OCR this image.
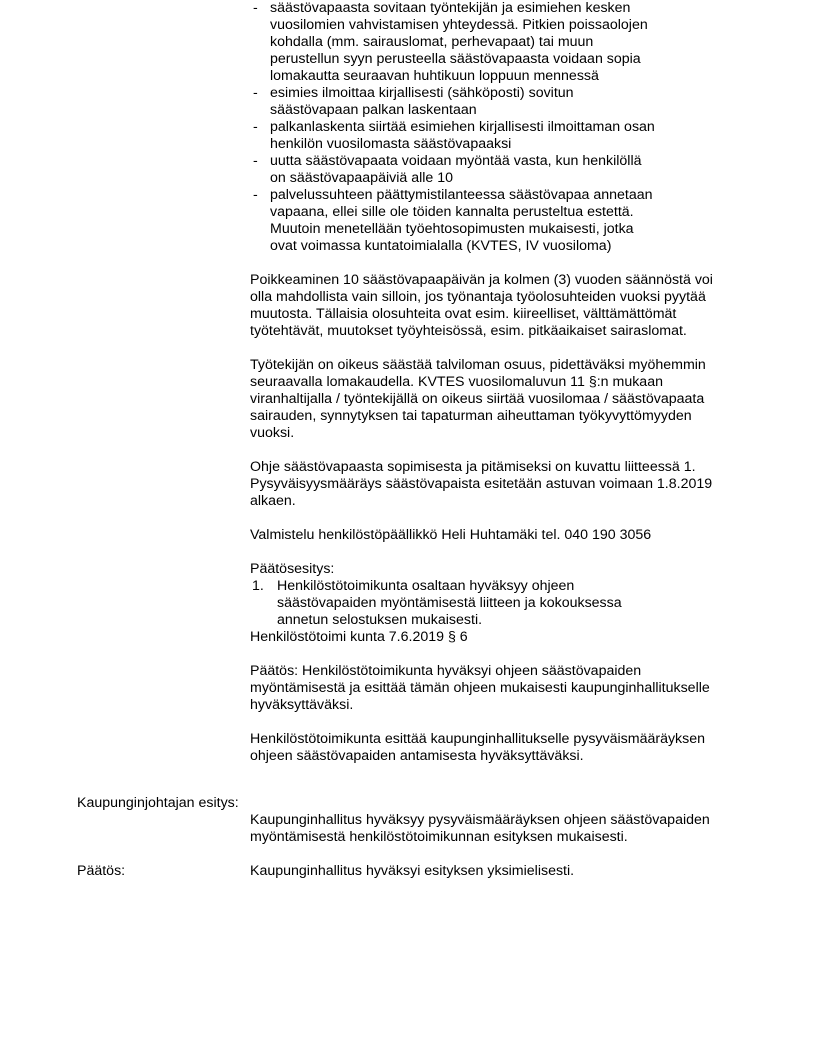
- säästövapaasta sovitaan työntekijän ja esimiehen kesken
vuosilomien vahvistamisen yhteydessä. Pitkien poissaolojen
kohdalla (mm. sairauslomat, perhevapaat) tai muun
perustellun syyn perusteella säästövapaasta voidaan sopia
lomakautta seuraavan huhtikuun loppuun mennessä
- esimies ilmoittaa kirjallisesti (sähköposti) sovitun
säästövapaan palkan laskentaan
- palkanlaskenta siirtää esimiehen kirjallisesti ilmoittaman osan
henkilön vuosilomasta säästövapaaksi
- uutta säästövapaata voidaan myöntää vasta, kun henkilöllä
on säästövapaapäiviä alle 10
- palvelussuhteen päättymistilanteessa säästövapaa annetaan
vapaana, ellei sille ole töiden kannalta perusteltua estettä.
Muutoin menetellään työehtosopimusten mukaisesti, jotka
ovat voimassa kuntatoimialalla (KVTES, IV vuosiloma)

Poikkeaminen 10 säästövapaapäivän ja kolmen (3) vuoden säännöstä voi
olla mahdollista vain silloin, jos työnantaja työolosuhteiden vuoksi pyytää
muutosta. Tällaisia olosuhteita ovat esim. kiireelliset, välttämättömät
työtehtävät, muutokset työyhteisössä, esim. pitkäaikaiset sairaslomat.

Työtekijän on oikeus säästää talviloman osuus, pidettäväksi myöhemmin
seuraavalla lomakaudella. KVTES vuosilomaluvun 11 §:n mukaan
viranhaltijalla / työntekijällä on oikeus siirtää vuosilomaa / säästövapaata
sairauden, synnytyksen tai tapaturman aiheuttaman työkyvyttömyyden
vuoksi.

Ohje säästövapaasta sopimisesta ja pitämiseksi on kuvattu liitteessä 1.
Pysyväisyysmääräys säästövapaista esitetään astuvan voimaan 1.8.2019
alkaen.

Valmistelu henkilöstöpäällikkö Heli Huhtamäki tel. 040 190 3056

Päätösesitys:

1. Henkilöstötoimikunta osaltaan hyväksyy ohjeen
säästövapaiden myöntämisestä liitteen ja kokouksessa
annetun selostuksen mukaisesti.

Henkilöstötoimi kunta 7.6.2019 § 6

Päätös: Henkilöstötoimikunta hyväksyi ohjeen säästövapaiden
myöntämisestä ja esittää tämän ohjeen mukaisesti kaupunginhallitukselle
hyväksyttäväksi.

Henkilöstötoimikunta esittää kaupunginhallitukselle pysyväismääräyksen
ohjeen säästövapaiden antamisesta hyväksyttäväksi.

Kaupunginjohtajan esitys:

Kaupunginhallitus hyväksyy pysyväismääräyksen ohjeen säästövapaiden
myöntämisestä henkilöstötoimikunnan esityksen mukaisesti.

Päätös:	Kaupunginhallitus hyväksyi esityksen yksimielisesti.
